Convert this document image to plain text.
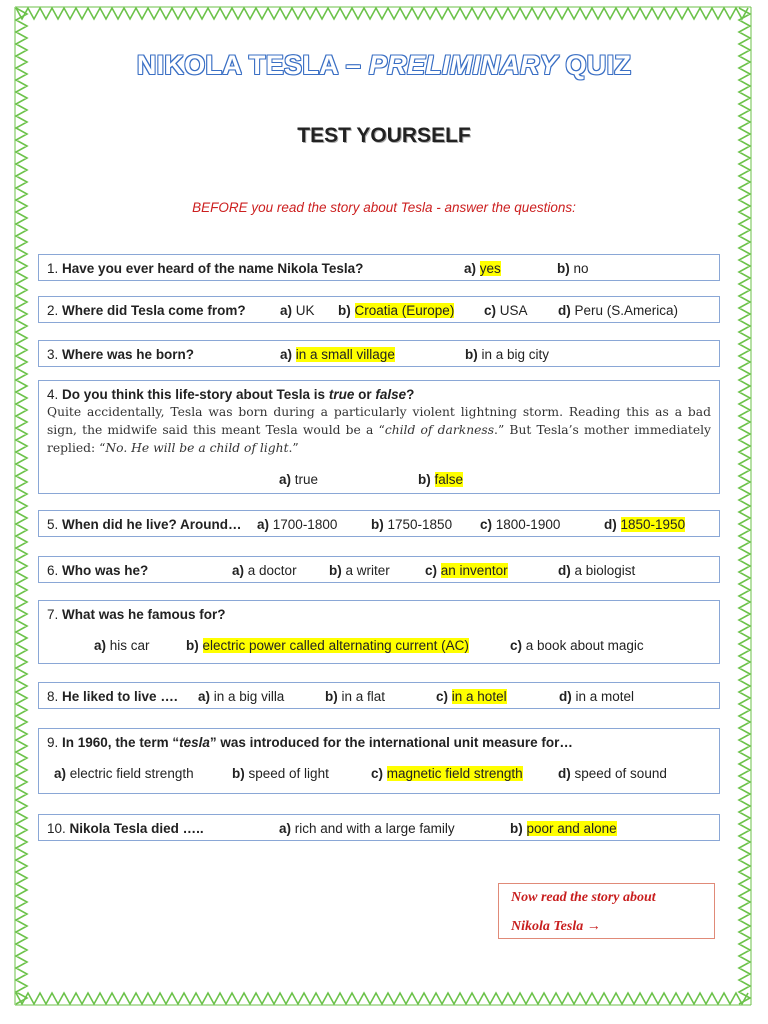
NIKOLA TESLA – PRELIMINARY QUIZ
TEST YOURSELF
BEFORE you read the story about Tesla - answer the questions:
1. Have you ever heard of the name Nikola Tesla?	a) yes	b) no
2. Where did Tesla come from?	a) UK b) Croatia (Europe) c) USA d) Peru (S.America)
3. Where was he born?	a) in a small village	b) in a big city
4. Do you think this life-story about Tesla is true or false?
Quite accidentally, Tesla was born during a particularly violent lightning storm. Reading this as a bad sign, the midwife said this meant Tesla would be a “child of darkness.” But Tesla’s mother immediately replied: “No. He will be a child of light.”
a) true	b) false
5. When did he live? Around… a) 1700-1800 b) 1750-1850 c) 1800-1900	d) 1850-1950
6. Who was he?	a) a doctor b) a writer	c) an inventor	d) a biologist
7. What was he famous for?
a) his car	b) electric power called alternating current (AC)	c) a book about magic
8. He liked to live …. a) in a big villa	b) in a flat	c) in a hotel	d) in a motel
9. In 1960, the term “tesla” was introduced for the international unit measure for…
a) electric field strength	b) speed of light	c) magnetic field strength	d) speed of sound
10. Nikola Tesla died …..	a) rich and with a large family	b) poor and alone
Now read the story about
Nikola Tesla →
